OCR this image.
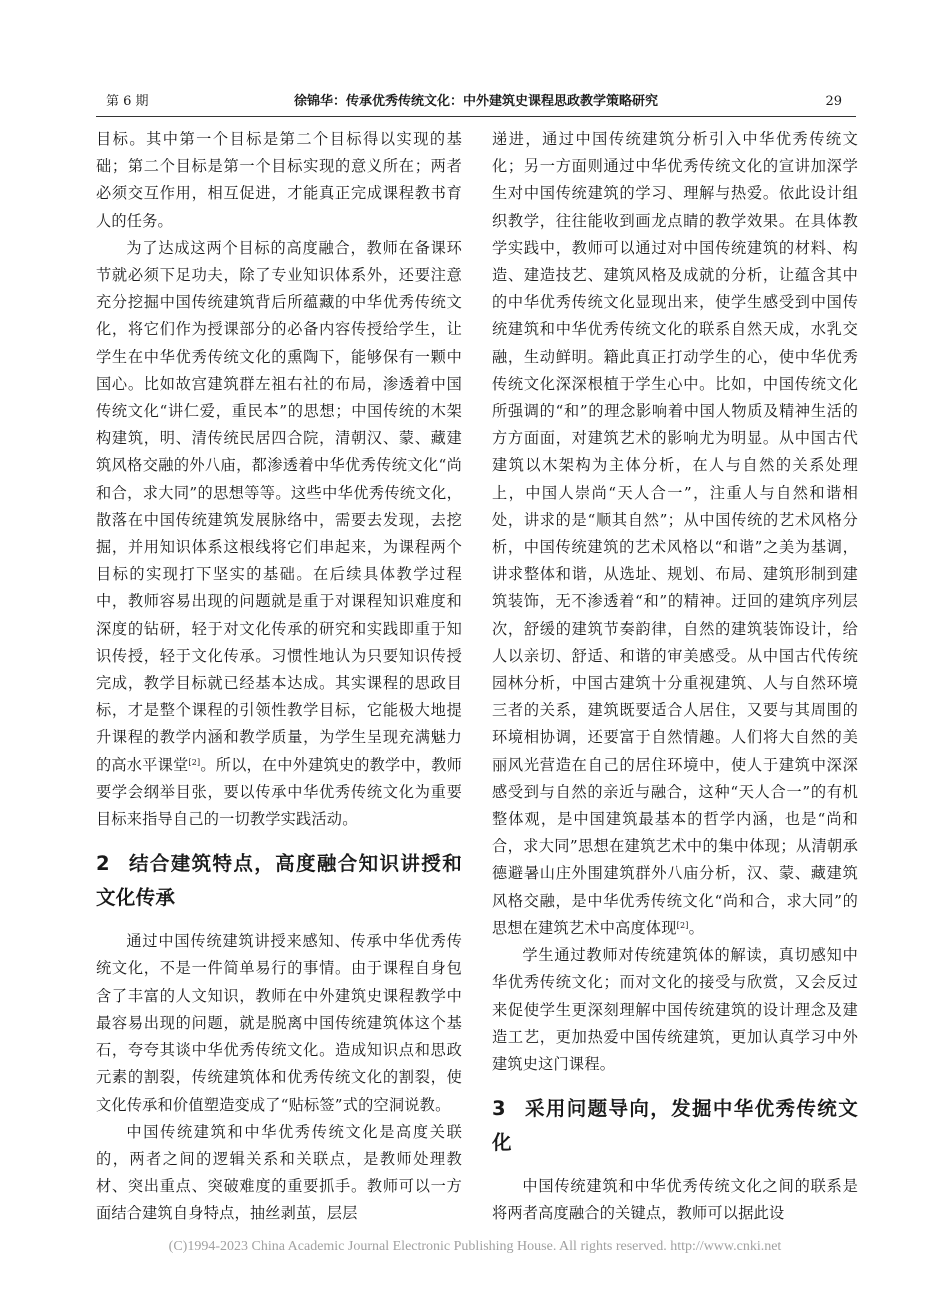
第 6 期	徐锦华：传承优秀传统文化：中外建筑史课程思政教学策略研究	29

目标。其中第一个目标是第二个目标得以实现的基础；第二个目标是第一个目标实现的意义所在；两者必须交互作用，相互促进，才能真正完成课程教书育人的任务。

为了达成这两个目标的高度融合，教师在备课环节就必须下足功夫，除了专业知识体系外，还要注意充分挖掘中国传统建筑背后所蕴藏的中华优秀传统文化，将它们作为授课部分的必备内容传授给学生，让学生在中华优秀传统文化的熏陶下，能够保有一颗中国心。比如故宫建筑群左祖右社的布局，渗透着中国传统文化“讲仁爱，重民本”的思想；中国传统的木架构建筑，明、清传统民居四合院，清朝汉、蒙、藏建筑风格交融的外八庙，都渗透着中华优秀传统文化“尚和合，求大同”的思想等等。这些中华优秀传统文化，散落在中国传统建筑发展脉络中，需要去发现，去挖掘，并用知识体系这根线将它们串起来，为课程两个目标的实现打下坚实的基础。在后续具体教学过程中，教师容易出现的问题就是重于对课程知识难度和深度的钻研，轻于对文化传承的研究和实践即重于知识传授，轻于文化传承。习惯性地认为只要知识传授完成，教学目标就已经基本达成。其实课程的思政目标，才是整个课程的引领性教学目标，它能极大地提升课程的教学内涵和教学质量，为学生呈现充满魅力的高水平课堂[2]。所以，在中外建筑史的教学中，教师要学会纲举目张，要以传承中华优秀传统文化为重要目标来指导自己的一切教学实践活动。

2 结合建筑特点，高度融合知识讲授和文化传承

通过中国传统建筑讲授来感知、传承中华优秀传统文化，不是一件简单易行的事情。由于课程自身包含了丰富的人文知识，教师在中外建筑史课程教学中最容易出现的问题，就是脱离中国传统建筑体这个基石，夸夸其谈中华优秀传统文化。造成知识点和思政元素的割裂，传统建筑体和优秀传统文化的割裂，使文化传承和价值塑造变成了“贴标签”式的空洞说教。

中国传统建筑和中华优秀传统文化是高度关联的，两者之间的逻辑关系和关联点，是教师处理教材、突出重点、突破难度的重要抓手。教师可以一方面结合建筑自身特点，抽丝剥茧，层层

递进，通过中国传统建筑分析引入中华优秀传统文化；另一方面则通过中华优秀传统文化的宣讲加深学生对中国传统建筑的学习、理解与热爱。依此设计组织教学，往往能收到画龙点睛的教学效果。在具体教学实践中，教师可以通过对中国传统建筑的材料、构造、建造技艺、建筑风格及成就的分析，让蕴含其中的中华优秀传统文化显现出来，使学生感受到中国传统建筑和中华优秀传统文化的联系自然天成，水乳交融，生动鲜明。籍此真正打动学生的心，使中华优秀传统文化深深根植于学生心中。比如，中国传统文化所强调的“和”的理念影响着中国人物质及精神生活的方方面面，对建筑艺术的影响尤为明显。从中国古代建筑以木架构为主体分析，在人与自然的关系处理上，中国人崇尚“天人合一”，注重人与自然和谐相处，讲求的是“顺其自然”；从中国传统的艺术风格分析，中国传统建筑的艺术风格以“和谐”之美为基调，讲求整体和谐，从选址、规划、布局、建筑形制到建筑装饰，无不渗透着“和”的精神。迂回的建筑序列层次，舒缓的建筑节奏韵律，自然的建筑装饰设计，给人以亲切、舒适、和谐的审美感受。从中国古代传统园林分析，中国古建筑十分重视建筑、人与自然环境三者的关系，建筑既要适合人居住，又要与其周围的环境相协调，还要富于自然情趣。人们将大自然的美丽风光营造在自己的居住环境中，使人于建筑中深深感受到与自然的亲近与融合，这种“天人合一”的有机整体观，是中国建筑最基本的哲学内涵，也是“尚和合，求大同”思想在建筑艺术中的集中体现；从清朝承德避暑山庄外围建筑群外八庙分析，汉、蒙、藏建筑风格交融，是中华优秀传统文化“尚和合，求大同”的思想在建筑艺术中高度体现[2]。

学生通过教师对传统建筑体的解读，真切感知中华优秀传统文化；而对文化的接受与欣赏，又会反过来促使学生更深刻理解中国传统建筑的设计理念及建造工艺，更加热爱中国传统建筑，更加认真学习中外建筑史这门课程。

3 采用问题导向，发掘中华优秀传统文化

中国传统建筑和中华优秀传统文化之间的联系是将两者高度融合的关键点，教师可以据此设

(C)1994-2023 China Academic Journal Electronic Publishing House. All rights reserved. http://www.cnki.net
